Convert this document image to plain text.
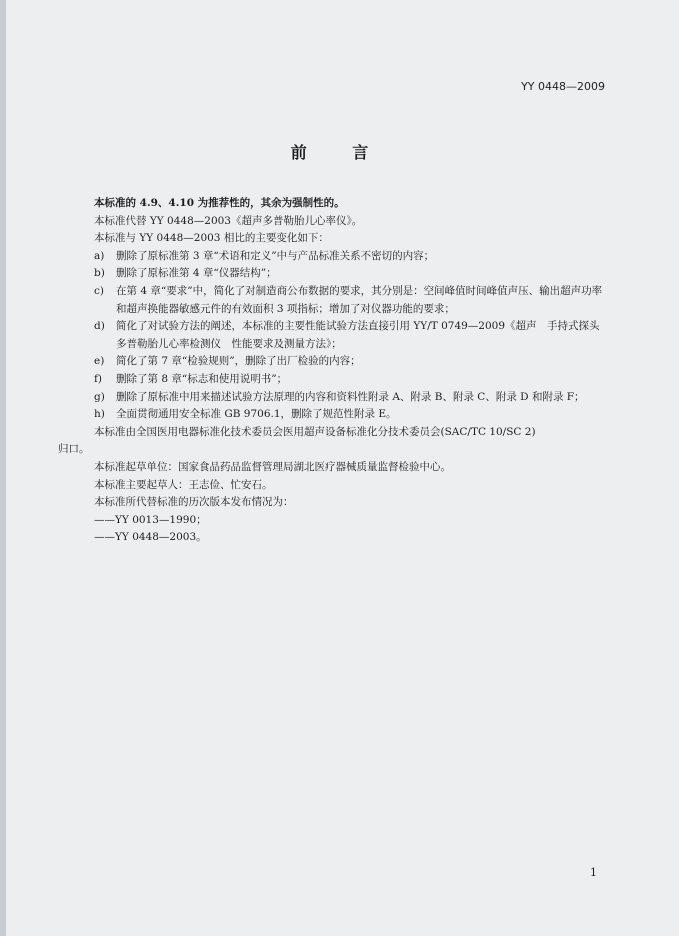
YY 0448—2009
前 言

本标准的 4.9、4.10 为推荐性的，其余为强制性的。

本标准代替 YY 0448—2003《超声多普勒胎儿心率仪》。

本标准与 YY 0448—2003 相比的主要变化如下：

a) 删除了原标准第 3 章“术语和定义”中与产品标准关系不密切的内容；
b) 删除了原标准第 4 章“仪器结构”；
c) 在第 4 章“要求”中，简化了对制造商公布数据的要求，其分别是：空间峰值时间峰值声压、输出超声功率和超声换能器敏感元件的有效面积 3 项指标；增加了对仪器功能的要求；
d) 简化了对试验方法的阐述，本标准的主要性能试验方法直接引用 YY/T 0749—2009《超声　手持式探头多普勒胎儿心率检测仪　性能要求及测量方法》；
e) 简化了第 7 章“检验规则”，删除了出厂检验的内容；
f) 删除了第 8 章“标志和使用说明书”；
g) 删除了原标准中用来描述试验方法原理的内容和资料性附录 A、附录 B、附录 C、附录 D 和附录 F；
h) 全面贯彻通用安全标准 GB 9706.1，删除了规范性附录 E。

本标准由全国医用电器标准化技术委员会医用超声设备标准化分技术委员会(SAC/TC 10/SC 2)

归口。

本标准起草单位：国家食品药品监督管理局湖北医疗器械质量监督检验中心。

本标准主要起草人：王志俭、忙安石。

本标准所代替标准的历次版本发布情况为：

——YY 0013—1990；

——YY 0448—2003。

1
